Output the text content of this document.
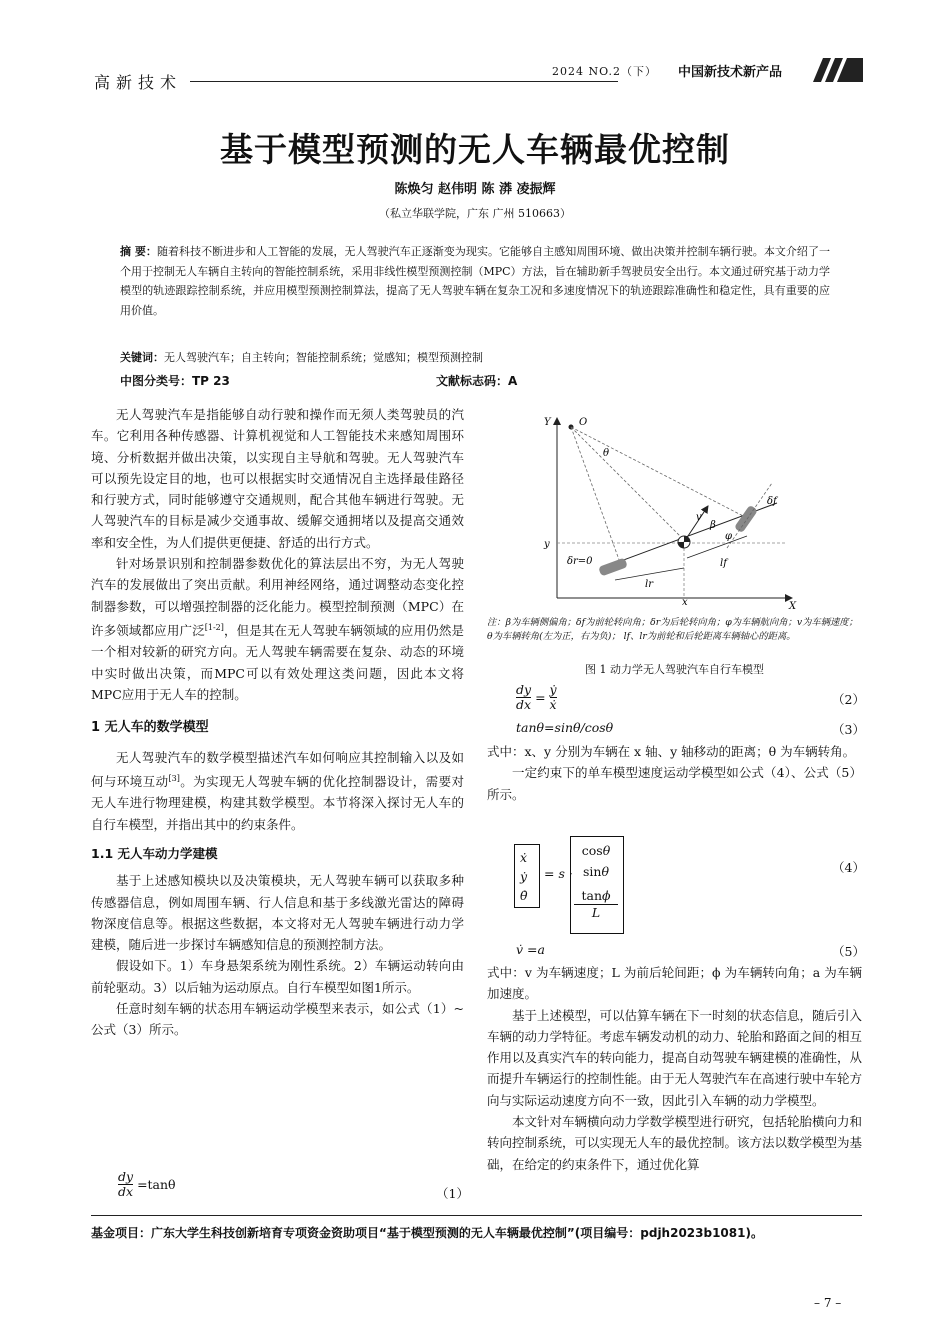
高新技术
2024 NO.2（下） 中国新技术新产品
基于模型预测的无人车辆最优控制
陈焕匀 赵伟明 陈 漭 凌振辉
（私立华联学院，广东 广州 510663）
摘 要：随着科技不断进步和人工智能的发展，无人驾驶汽车正逐渐变为现实。它能够自主感知周围环境、做出决策并控制车辆行驶。本文介绍了一个用于控制无人车辆自主转向的智能控制系统，采用非线性模型预测控制（MPC）方法，旨在辅助新手驾驶员安全出行。本文通过研究基于动力学模型的轨迹跟踪控制系统，并应用模型预测控制算法，提高了无人驾驶车辆在复杂工况和多速度情况下的轨迹跟踪准确性和稳定性，具有重要的应用价值。
关键词：无人驾驶汽车；自主转向；智能控制系统；觉感知；模型预测控制
中图分类号：TP 23	文献标志码：A

无人驾驶汽车是指能够自动行驶和操作而无须人类驾驶员的汽车。它利用各种传感器、计算机视觉和人工智能技术来感知周围环境、分析数据并做出决策，以实现自主导航和驾驶。无人驾驶汽车可以预先设定目的地，也可以根据实时交通情况自主选择最佳路径和行驶方式，同时能够遵守交通规则，配合其他车辆进行驾驶。无人驾驶汽车的目标是减少交通事故、缓解交通拥堵以及提高交通效率和安全性，为人们提供更便捷、舒适的出行方式。

针对场景识别和控制器参数优化的算法层出不穷，为无人驾驶汽车的发展做出了突出贡献。利用神经网络，通过调整动态变化控制器参数，可以增强控制器的泛化能力。模型控制预测（MPC）在许多领域都应用广泛[1-2]，但是其在无人驾驶车辆领域的应用仍然是一个相对较新的研究方向。无人驾驶车辆需要在复杂、动态的环境中实时做出决策，而MPC可以有效处理这类问题，因此本文将MPC应用于无人车的控制。

1 无人车的数学模型

无人驾驶汽车的数学模型描述汽车如何响应其控制输入以及如何与环境互动[3]。为实现无人驾驶车辆的优化控制器设计，需要对无人车进行物理建模，构建其数学模型。本节将深入探讨无人车的自行车模型，并指出其中的约束条件。

1.1 无人车动力学建模

基于上述感知模块以及决策模块，无人驾驶车辆可以获取多种传感器信息，例如周围车辆、行人信息和基于多线激光雷达的障碍物深度信息等。根据这些数据，本文将对无人驾驶车辆进行动力学建模，随后进一步探讨车辆感知信息的预测控制方法。

假设如下。1）车身悬架系统为刚性系统。2）车辆运动转向由前轮驱动。3）以后轴为运动原点。自行车模型如图1所示。

任意时刻车辆的状态用车辆运动学模型来表示，如公式（1）~公式（3）所示。

$\frac{dy}{dx} =\tan\theta$
（1）
Y
X
O
θ
y
x
v
β
φ
δf
δr=0
lr
lf
注：β为车辆侧偏角；δf为前轮转向角；δr为后轮转向角；φ为车辆航向角；v为车辆速度；θ为车辆转角(左为正，右为负)； lf、lr为前轮和后轮距离车辆轴心的距离。
图 1 动力学无人驾驶汽车自行车模型
$\frac{dy}{dx} = \frac{\text{ẏ}}{\text{ẋ}}$	（2）
tanθ=sinθ/cosθ	（3）

式中：x、y 分别为车辆在 x 轴、y 轴移动的距离；θ 为车辆转角。

一定约束下的单车模型速度运动学模型如公式（4）、公式（5）所示。

ẋ
ẏ
θ̇
= s ·
cosθ
sinθ
tanϕ
L
（4）
v̇ =a	（5）

式中：v 为车辆速度；L 为前后轮间距；ϕ 为车辆转向角；a 为车辆加速度。

基于上述模型，可以估算车辆在下一时刻的状态信息，随后引入车辆的动力学特征。考虑车辆发动机的动力、轮胎和路面之间的相互作用以及真实汽车的转向能力，提高自动驾驶车辆建模的准确性，从而提升车辆运行的控制性能。由于无人驾驶汽车在高速行驶中车轮方向与实际运动速度方向不一致，因此引入车辆的动力学模型。

本文针对车辆横向动力学数学模型进行研究，包括轮胎横向力和转向控制系统，可以实现无人车的最优控制。该方法以数学模型为基础，在给定的约束条件下，通过优化算

基金项目：广东大学生科技创新培育专项资金资助项目“基于模型预测的无人车辆最优控制”(项目编号：pdjh2023b1081)。
– 7 –
